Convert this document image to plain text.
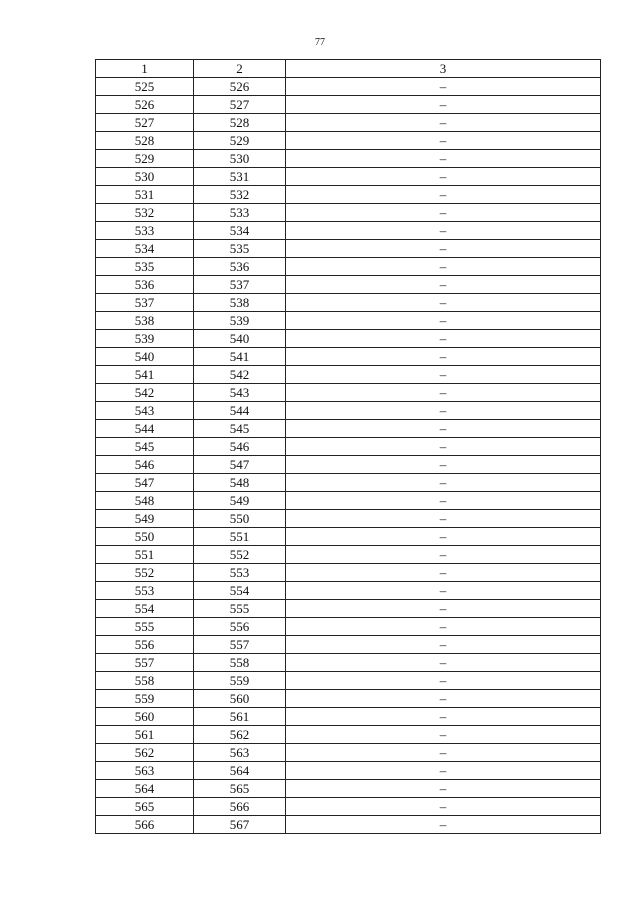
77
1	2	3
525	526	–
526	527	–
527	528	–
528	529	–
529	530	–
530	531	–
531	532	–
532	533	–
533	534	–
534	535	–
535	536	–
536	537	–
537	538	–
538	539	–
539	540	–
540	541	–
541	542	–
542	543	–
543	544	–
544	545	–
545	546	–
546	547	–
547	548	–
548	549	–
549	550	–
550	551	–
551	552	–
552	553	–
553	554	–
554	555	–
555	556	–
556	557	–
557	558	–
558	559	–
559	560	–
560	561	–
561	562	–
562	563	–
563	564	–
564	565	–
565	566	–
566	567	–
